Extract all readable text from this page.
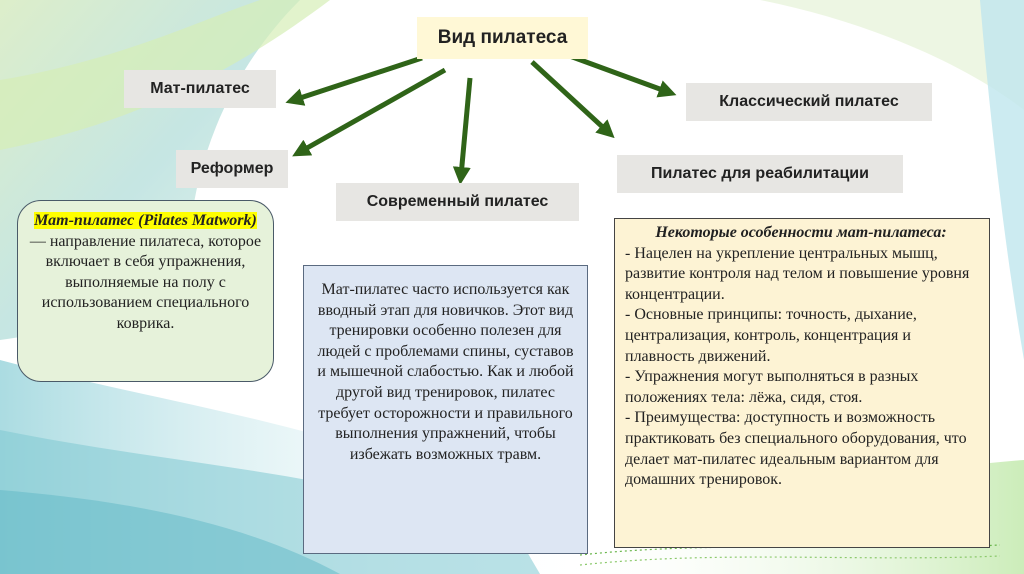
Вид пилатеса
Мат-пилатес
Реформер
Современный пилатес
Пилатес для реабилитации
Классический пилатес
Мат-пилатес (Pilates Matwork) — направление пилатеса, которое включает в себя упражнения, выполняемые на полу с использованием специального коврика.
Мат-пилатес часто используется как вводный этап для новичков. Этот вид тренировки особенно полезен для людей с проблемами спины, суставов и мышечной слабостью. Как и любой другой вид тренировок, пилатес требует осторожности и правильного выполнения упражнений, чтобы избежать возможных травм.
Некоторые особенности мат-пилатеса:
- Нацелен на укрепление центральных мышц, развитие контроля над телом и повышение уровня концентрации.
- Основные принципы: точность, дыхание, централизация, контроль, концентрация и плавность движений.
- Упражнения могут выполняться в разных положениях тела: лёжа, сидя, стоя.
- Преимущества: доступность и возможность практиковать без специального оборудования, что делает мат-пилатес идеальным вариантом для домашних тренировок.
